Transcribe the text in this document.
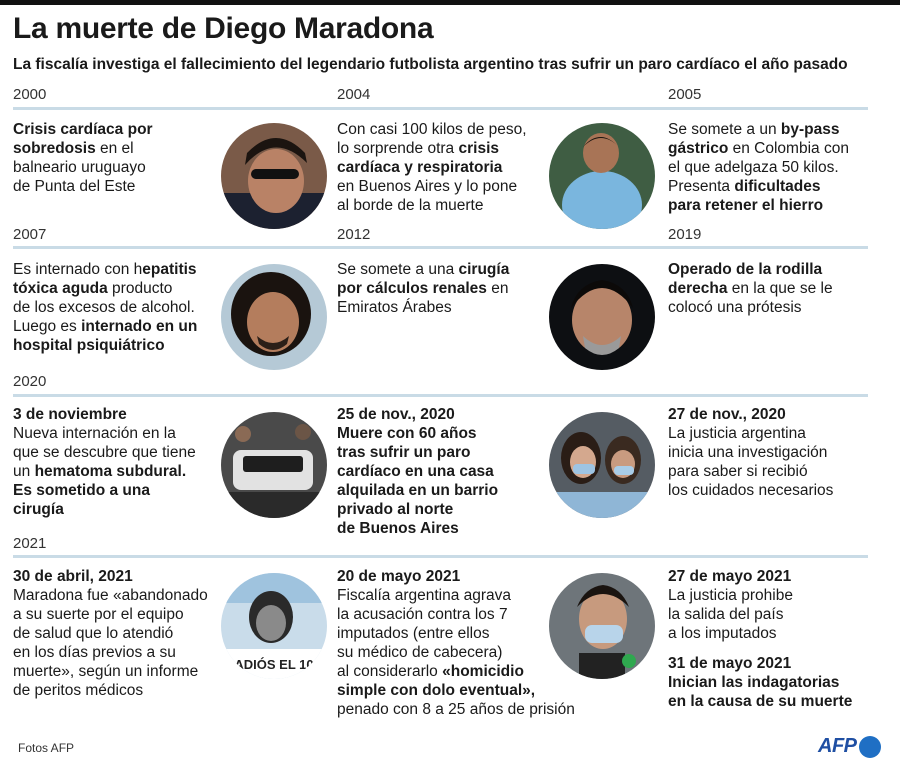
La muerte de Diego Maradona
La fiscalía investiga el fallecimiento del legendario futbolista argentino tras sufrir un paro cardíaco el año pasado
2000	2004	2005
Crisis cardíaca por
sobredosis en el
balneario uruguayo
de Punta del Este
Con casi 100 kilos de peso,
lo sorprende otra crisis
cardíaca y respiratoria
en Buenos Aires y lo pone
al borde de la muerte
Se somete a un by-pass
gástrico en Colombia con
el que adelgaza 50 kilos.
Presenta dificultades
para retener el hierro
2007	2012	2019
Es internado con hepatitis
tóxica aguda producto
de los excesos de alcohol.
Luego es internado en un
hospital psiquiátrico
Se somete a una cirugía
por cálculos renales en
Emiratos Árabes
Operado de la rodilla
derecha en la que se le
colocó una prótesis
2020
3 de noviembre
Nueva internación en la
que se descubre que tiene
un hematoma subdural.
Es sometido a una
cirugía
25 de nov., 2020
Muere con 60 años
tras sufrir un paro
cardíaco en una casa
alquilada en un barrio
privado al norte
de Buenos Aires
27 de nov., 2020
La justicia argentina
inicia una investigación
para saber si recibió
los cuidados necesarios
2021
30 de abril, 2021
Maradona fue «abandonado
a su suerte por el equipo
de salud que lo atendió
en los días previos a su
muerte», según un informe
de peritos médicos
20 de mayo 2021
Fiscalía argentina agrava
la acusación contra los 7
imputados (entre ellos
su médico de cabecera)
al considerarlo «homicidio
simple con dolo eventual»,
penado con 8 a 25 años de prisión
27 de mayo 2021
La justicia prohibe
la salida del país
a los imputados
31 de mayo 2021
Inician las indagatorias
en la causa de su muerte
ADIÓS EL 10
Fotos AFP	AFP
